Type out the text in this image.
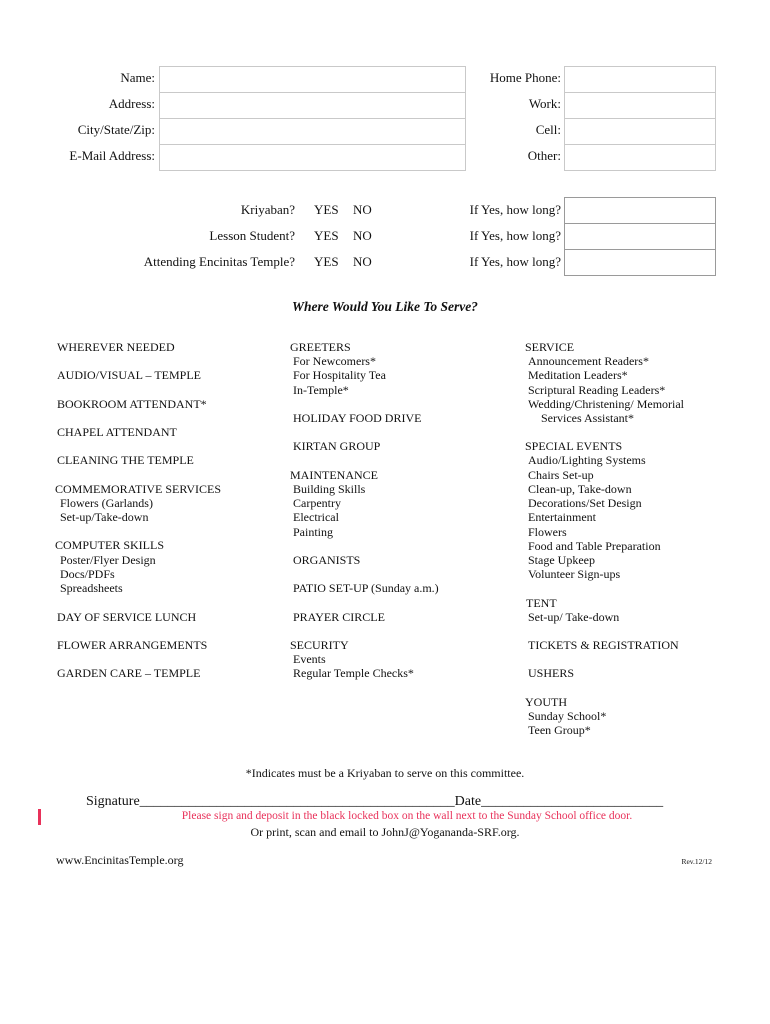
Name:
Address:
City/State/Zip:
E-Mail Address:
Home Phone:
Work:
Cell:
Other:
Kriyaban? YES NO	If Yes, how long?
Lesson Student? YES NO	If Yes, how long?
Attending Encinitas Temple? YES NO	If Yes, how long?
Where Would You Like To Serve?
WHEREVER NEEDED
AUDIO/VISUAL – TEMPLE
BOOKROOM ATTENDANT*
CHAPEL ATTENDANT
CLEANING THE TEMPLE
COMMEMORATIVE SERVICES
Flowers (Garlands)
Set-up/Take-down
COMPUTER SKILLS
Poster/Flyer Design
Docs/PDFs
Spreadsheets
DAY OF SERVICE LUNCH
FLOWER ARRANGEMENTS
GARDEN CARE – TEMPLE
GREETERS
For Newcomers*
For Hospitality Tea
In-Temple*
HOLIDAY FOOD DRIVE
KIRTAN GROUP
MAINTENANCE
Building Skills
Carpentry
Electrical
Painting
ORGANISTS
PATIO SET-UP (Sunday a.m.)
PRAYER CIRCLE
SECURITY
Events
Regular Temple Checks*
SERVICE
Announcement Readers*
Meditation Leaders*
Scriptural Reading Leaders*
Wedding/Christening/ Memorial
Services Assistant*
SPECIAL EVENTS
Audio/Lighting Systems
Chairs Set-up
Clean-up, Take-down
Decorations/Set Design
Entertainment
Flowers
Food and Table Preparation
Stage Upkeep
Volunteer Sign-ups
TENT
Set-up/ Take-down
TICKETS & REGISTRATION
USHERS
YOUTH
Sunday School*
Teen Group*
*Indicates must be a Kriyaban to serve on this committee.
Signature_____________________________________________Date__________________________
Please sign and deposit in the black locked box on the wall next to the Sunday School office door.
Or print, scan and email to JohnJ@Yogananda-SRF.org.
www.EncinitasTemple.org	Rev.12/12
